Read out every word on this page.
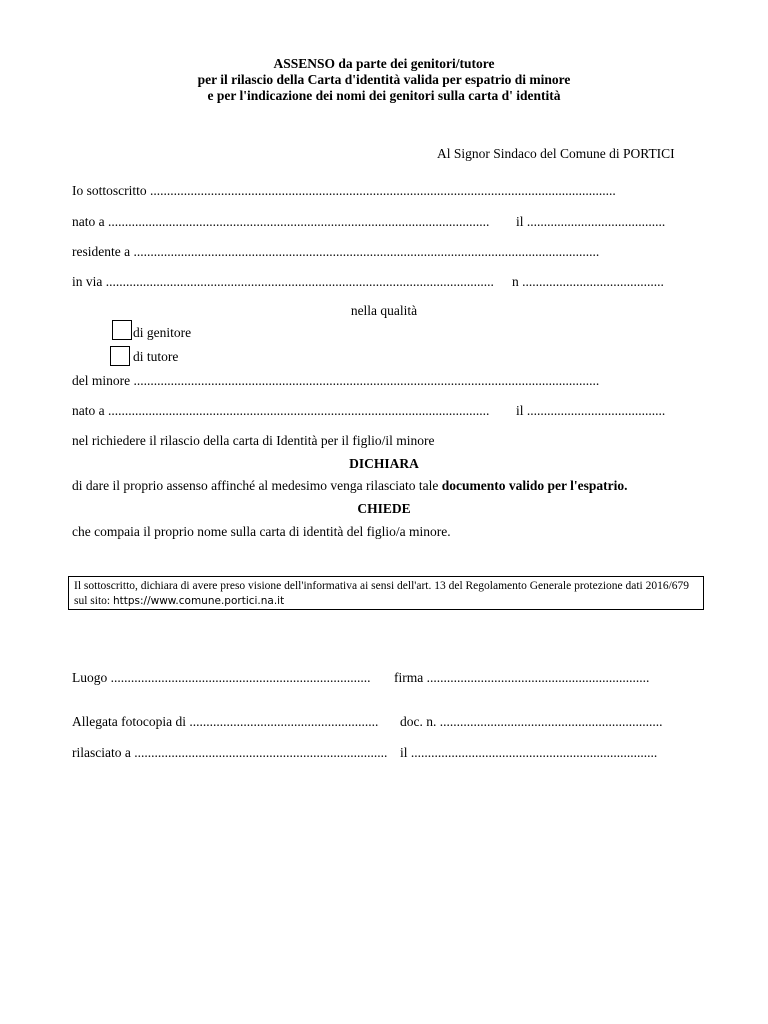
ASSENSO da parte dei genitori/tutore
per il rilascio della Carta d'identità valida per espatrio di minore
e per l'indicazione dei nomi dei genitori sulla carta d' identità
Al Signor Sindaco del Comune di PORTICI
Io sottoscritto ..........................................................................................................................................
nato a ................................................................................................................. il .........................................
residente a ..........................................................................................................................................
in via ................................................................................................................... n ..........................................
nella qualità
di genitore
di tutore
del minore ..........................................................................................................................................
nato a ................................................................................................................. il .........................................
nel richiedere il rilascio della carta di Identità per il figlio/il minore
DICHIARA
di dare il proprio assenso affinché al medesimo venga rilasciato tale documento valido per l'espatrio.
CHIEDE
che compaia il proprio nome sulla carta di identità del figlio/a minore.
Il sottoscritto, dichiara di avere preso visione dell'informativa ai sensi dell'art. 13 del Regolamento Generale protezione dati 2016/679 sul sito: https://www.comune.portici.na.it
Luogo ............................................................................. firma ..................................................................
Allegata fotocopia di ........................................................ doc. n. ..................................................................
rilasciato a ........................................................................... il .........................................................................
